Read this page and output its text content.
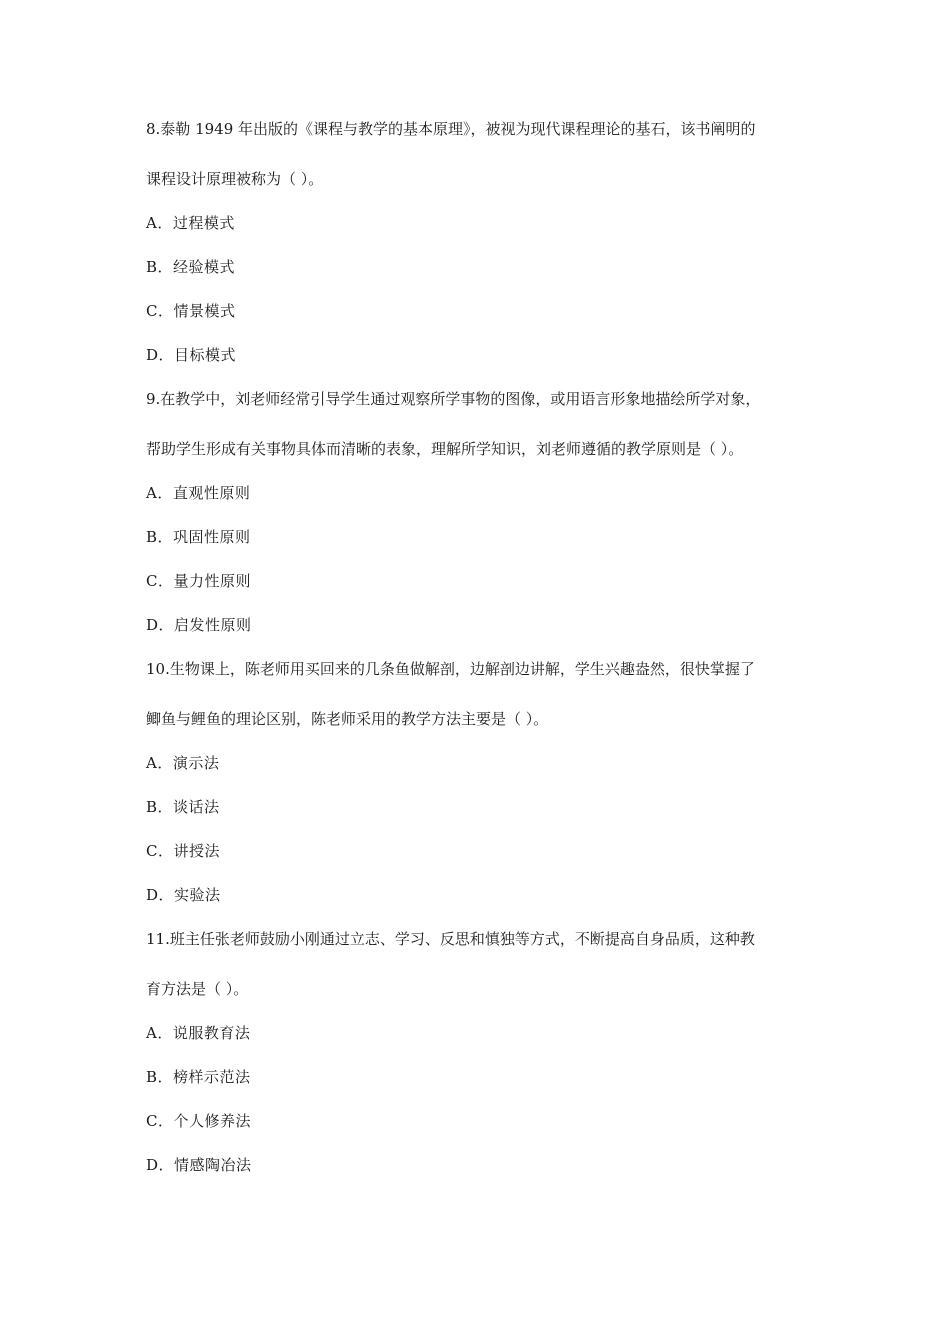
8.泰勒 1949 年出版的《课程与教学的基本原理》，被视为现代课程理论的基石，该书阐明的
课程设计原理被称为（ ）。
A．过程模式
B．经验模式
C．情景模式
D．目标模式
9.在教学中，刘老师经常引导学生通过观察所学事物的图像，或用语言形象地描绘所学对象，
帮助学生形成有关事物具体而清晰的表象，理解所学知识，刘老师遵循的教学原则是（ ）。
A．直观性原则
B．巩固性原则
C．量力性原则
D．启发性原则
10.生物课上，陈老师用买回来的几条鱼做解剖，边解剖边讲解，学生兴趣盎然，很快掌握了
鲫鱼与鲤鱼的理论区别，陈老师采用的教学方法主要是（ ）。
A．演示法
B．谈话法
C．讲授法
D．实验法
11.班主任张老师鼓励小刚通过立志、学习、反思和慎独等方式，不断提高自身品质，这种教
育方法是（ ）。
A．说服教育法
B．榜样示范法
C．个人修养法
D．情感陶冶法
